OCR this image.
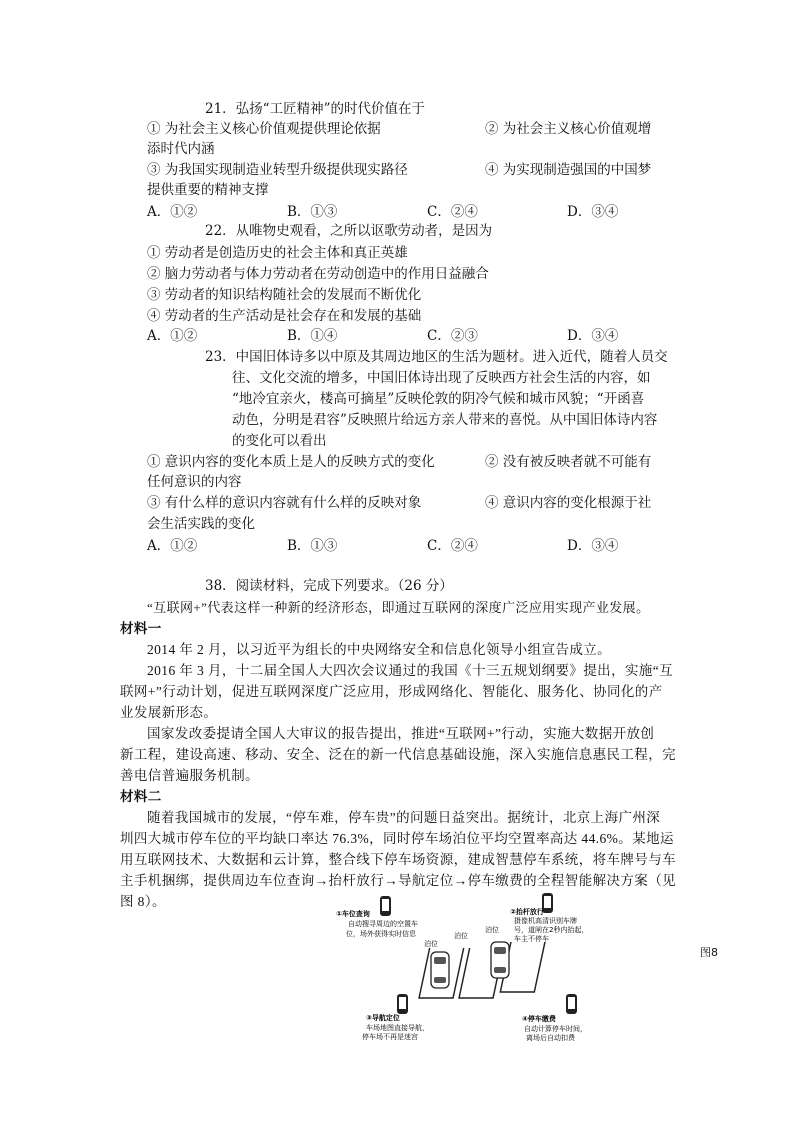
21．弘扬“工匠精神”的时代价值在于
① 为社会主义核心价值观提供理论依据	② 为社会主义核心价值观增
添时代内涵
③ 为我国实现制造业转型升级提供现实路径	④ 为实现制造强国的中国梦
提供重要的精神支撑
A．①②	B．①③	C．②④	D．③④
22．从唯物史观看，之所以讴歌劳动者，是因为
① 劳动者是创造历史的社会主体和真正英雄
② 脑力劳动者与体力劳动者在劳动创造中的作用日益融合
③ 劳动者的知识结构随社会的发展而不断优化
④ 劳动者的生产活动是社会存在和发展的基础
A．①②	B．①④	C．②③	D．③④
23．中国旧体诗多以中原及其周边地区的生活为题材。进入近代，随着人员交
往、文化交流的增多，中国旧体诗出现了反映西方社会生活的内容，如
“地冷宜亲火，楼高可摘星”反映伦敦的阴冷气候和城市风貌；“开函喜
动色，分明是君容”反映照片给远方亲人带来的喜悦。从中国旧体诗内容
的变化可以看出
① 意识内容的变化本质上是人的反映方式的变化	② 没有被反映者就不可能有
任何意识的内容
③ 有什么样的意识内容就有什么样的反映对象	④ 意识内容的变化根源于社
会生活实践的变化
A．①②	B．①③	C．②④	D．③④
38．阅读材料，完成下列要求。（26 分）
“互联网+”代表这样一种新的经济形态，即通过互联网的深度广泛应用实现产业发展。
材料一
2014 年 2 月，以习近平为组长的中央网络安全和信息化领导小组宣告成立。
2016 年 3 月，十二届全国人大四次会议通过的我国《十三五规划纲要》提出，实施“互
联网+”行动计划，促进互联网深度广泛应用，形成网络化、智能化、服务化、协同化的产
业发展新形态。
国家发改委提请全国人大审议的报告提出，推进“互联网+”行动，实施大数据开放创
新工程，建设高速、移动、安全、泛在的新一代信息基础设施，深入实施信息惠民工程，完
善电信普遍服务机制。
材料二
随着我国城市的发展，“停车难，停车贵”的问题日益突出。据统计，北京上海广州深
圳四大城市停车位的平均缺口率达 76.3%，同时停车场泊位平均空置率高达 44.6%。某地运
用互联网技术、大数据和云计算，整合线下停车场资源，建成智慧停车系统，将车牌号与车
主手机捆绑，提供周边车位查询→抬杆放行→导航定位→停车缴费的全程智能解决方案（见
图 8）。
①车位查询
自动搜寻周边的空置车
位，场外获得实时信息
②抬杆放行
摄像机高清识别车牌
号，道闸在2秒内抬起，
车主不停车
泊位
泊位
泊位
③导航定位
车场地图直接导航，
停车场不再是迷宫
④停车缴费
自动计算停车时间，
离场后自动扣费
图8
